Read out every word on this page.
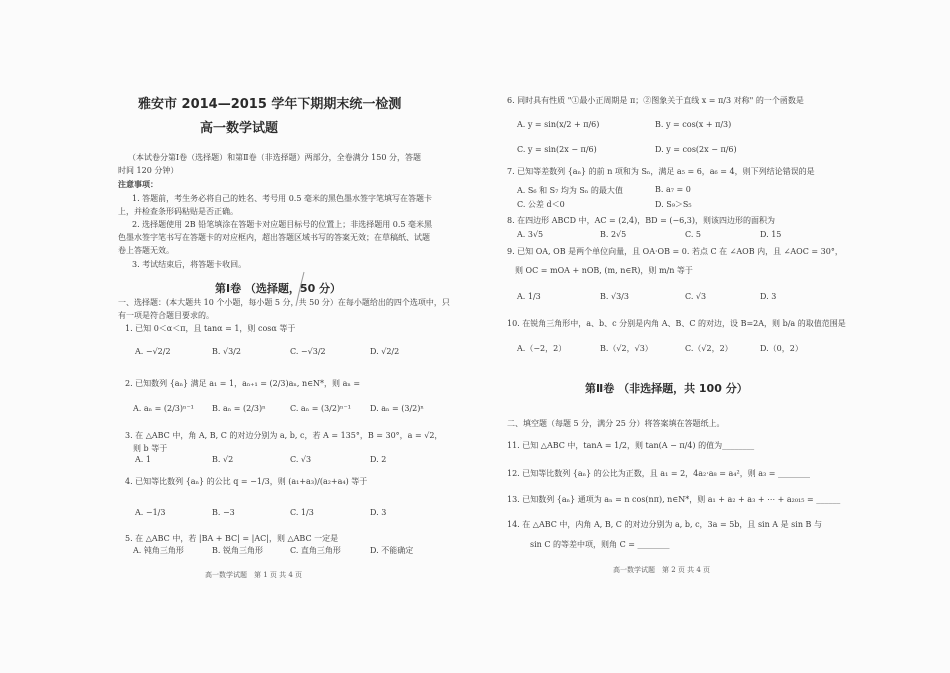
雅安市 2014—2015 学年下期期末统一检测
高一数学试题
（本试卷分第Ⅰ卷（选择题）和第Ⅱ卷（非选择题）两部分，全卷满分 150 分，答题
时间 120 分钟）
注意事项：
1. 答题前，考生务必将自己的姓名、考号用 0.5 毫米的黑色墨水签字笔填写在答题卡
上，并检查条形码粘贴是否正确。
2. 选择题使用 2B 铅笔填涂在答题卡对应题目标号的位置上；非选择题用 0.5 毫米黑
色墨水签字笔书写在答题卡的对应框内，超出答题区域书写的答案无效；在草稿纸、试题
卷上答题无效。
3. 考试结束后，将答题卡收回。
第Ⅰ卷 （选择题，50 分）
一、选择题：(本大题共 10 个小题，每小题 5 分，共 50 分）在每小题给出的四个选项中，只
有一项是符合题目要求的。
1. 已知 0＜α＜π，且 tanα = 1，则 cosα 等于
A. −√2/2	B. √3/2	C. −√3/2	D. √2/2
2. 已知数列 {aₙ} 满足 a₁ = 1，aₙ₊₁ = (2/3)aₙ, n∈N*，则 aₙ =
A. aₙ = (2/3)ⁿ⁻¹ B. aₙ = (2/3)ⁿ	C. aₙ = (3/2)ⁿ⁻¹ D. aₙ = (3/2)ⁿ
3. 在 △ABC 中，角 A, B, C 的对边分别为 a, b, c，若 A = 135°，B = 30°，a = √2，
则 b 等于
A. 1	B. √2	C. √3	D. 2
4. 已知等比数列 {aₙ} 的公比 q = −1/3，则 (a₁+a₃)/(a₂+a₄) 等于
A. −1/3	B. −3	C. 1/3	D. 3
5. 在 △ABC 中，若 |BA + BC| = |AC|，则 △ABC 一定是
A. 钝角三角形	B. 锐角三角形	C. 直角三角形	D. 不能确定
高一数学试题　第 1 页 共 4 页
6. 同时具有性质 "①最小正周期是 π；②图象关于直线 x = π/3 对称" 的一个函数是
A. y = sin(x/2 + π/6)	B. y = cos(x + π/3)
C. y = sin(2x − π/6)	D. y = cos(2x − π/6)
7. 已知等差数列 {aₙ} 的前 n 项和为 Sₙ，满足 a₅ = 6，a₆ = 4，则下列结论错误的是
A. S₆ 和 S₇ 均为 Sₙ 的最大值	B. a₇ = 0
C. 公差 d＜0	D. S₉＞S₅
8. 在四边形 ABCD 中，AC = (2,4)，BD = (−6,3)，则该四边形的面积为
A. 3√5	B. 2√5	C. 5	D. 15
9. 已知 OA, OB 是两个单位向量，且 OA·OB = 0. 若点 C 在 ∠AOB 内，且 ∠AOC = 30°，
则 OC = mOA + nOB, (m, n∈R)，则 m/n 等于
A. 1/3	B. √3/3	C. √3	D. 3
10. 在锐角三角形中，a、b、c 分别是内角 A、B、C 的对边，设 B=2A，则 b/a 的取值范围是
A.（−2，2）	B.（√2，√3）	C.（√2，2）	D.（0，2）
第Ⅱ卷 （非选择题，共 100 分）
二、填空题（每题 5 分，满分 25 分）将答案填在答题纸上。
11. 已知 △ABC 中，tanA = 1/2，则 tan(A − π/4) 的值为________
12. 已知等比数列 {aₙ} 的公比为正数，且 a₁ = 2，4a₂·a₈ = a₄²，则 a₃ = ________
13. 已知数列 {aₙ} 通项为 aₙ = n cos(nπ), n∈N*，则 a₁ + a₂ + a₃ + ⋯ + a₂₀₁₅ = ______
14. 在 △ABC 中，内角 A, B, C 的对边分别为 a, b, c，3a = 5b，且 sin A 是 sin B 与
sin C 的等差中项，则角 C = ________
高一数学试题　第 2 页 共 4 页
